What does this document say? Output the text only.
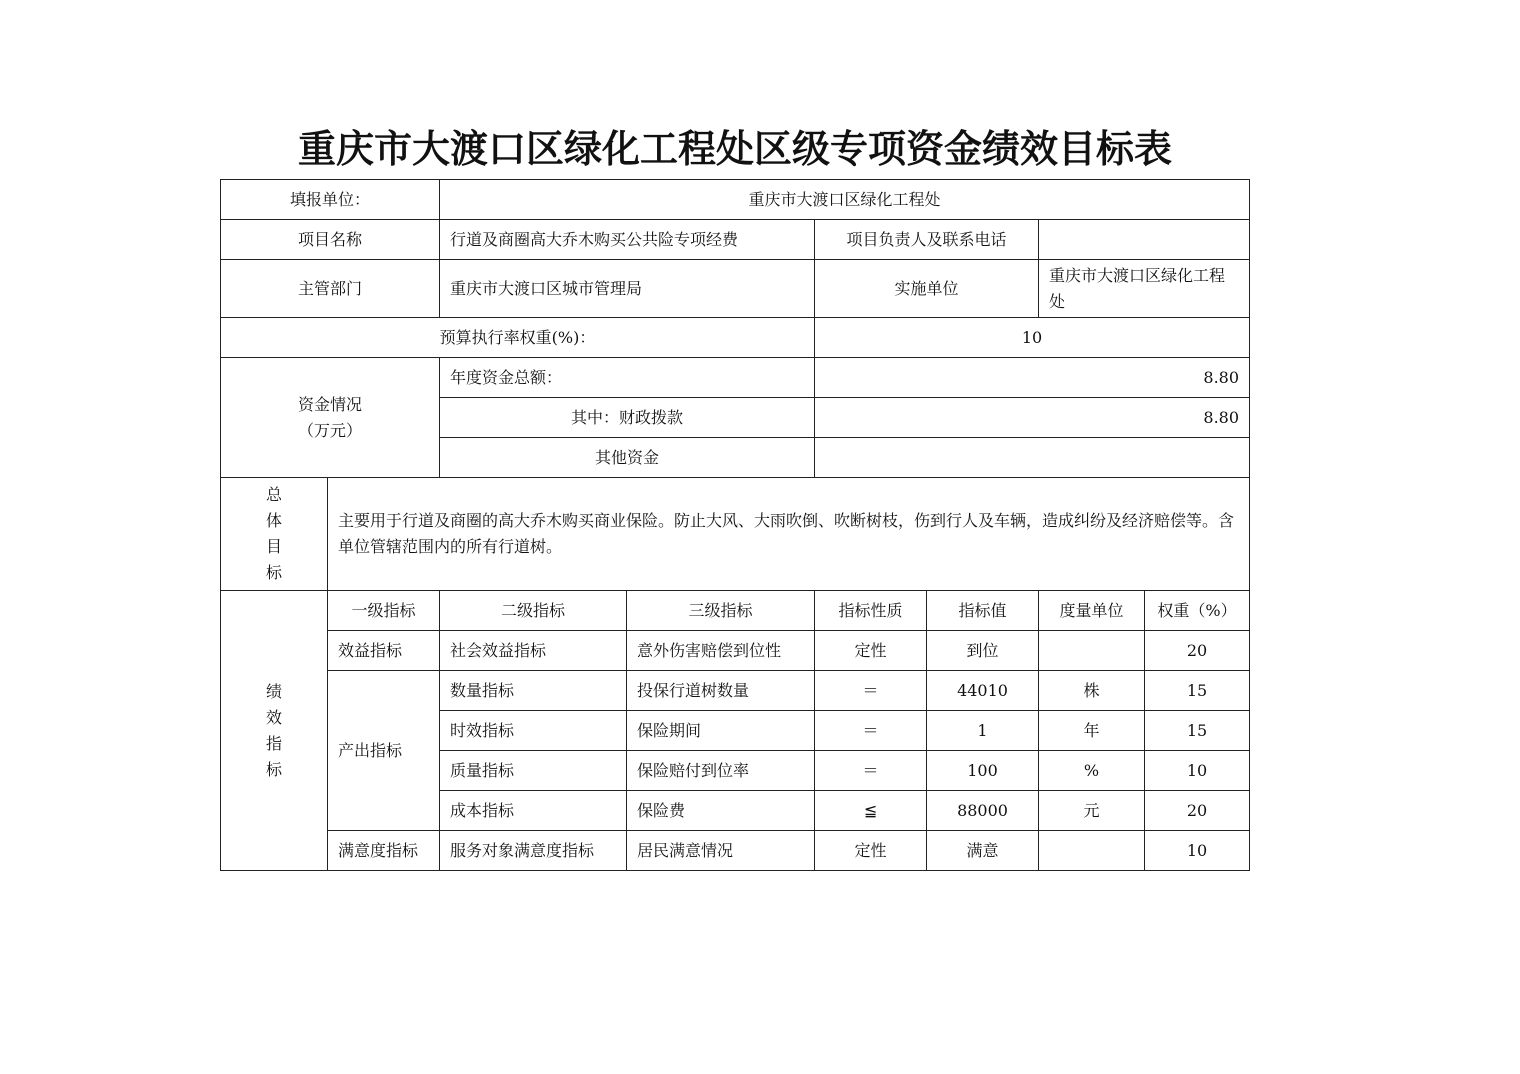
重庆市大渡口区绿化工程处区级专项资金绩效目标表
填报单位：		重庆市大渡口区绿化工程处					
项目名称		行道及商圈高大乔木购买公共险专项经费		项目负责人及联系电话			
主管部门		重庆市大渡口区城市管理局		实施单位		重庆市大渡口区绿化工程处	
预算执行率权重(%)：				10			

资金情况
（万元）		年度资金总额：		8.80			
		其中：财政拨款		8.80			
		其他资金					

总
体
目
标	主要用于行道及商圈的高大乔木购买商业保险。防止大风、大雨吹倒、吹断树枝，伤到行人及车辆，造成纠纷及经济赔偿等。含单位管辖范围内的所有行道树。						

绩
效
指
标	一级指标	二级指标	三级指标	指标性质	指标值	度量单位	权重（%）
	效益指标	社会效益指标	意外伤害赔偿到位性	定性	到位		20
	产出指标	数量指标	投保行道树数量	＝	44010	株	15
		时效指标	保险期间	＝	1	年	15
		质量指标	保险赔付到位率	＝	100	%	10
		成本指标	保险费	≦	88000	元	20
	满意度指标	服务对象满意度指标	居民满意情况	定性	满意		10
